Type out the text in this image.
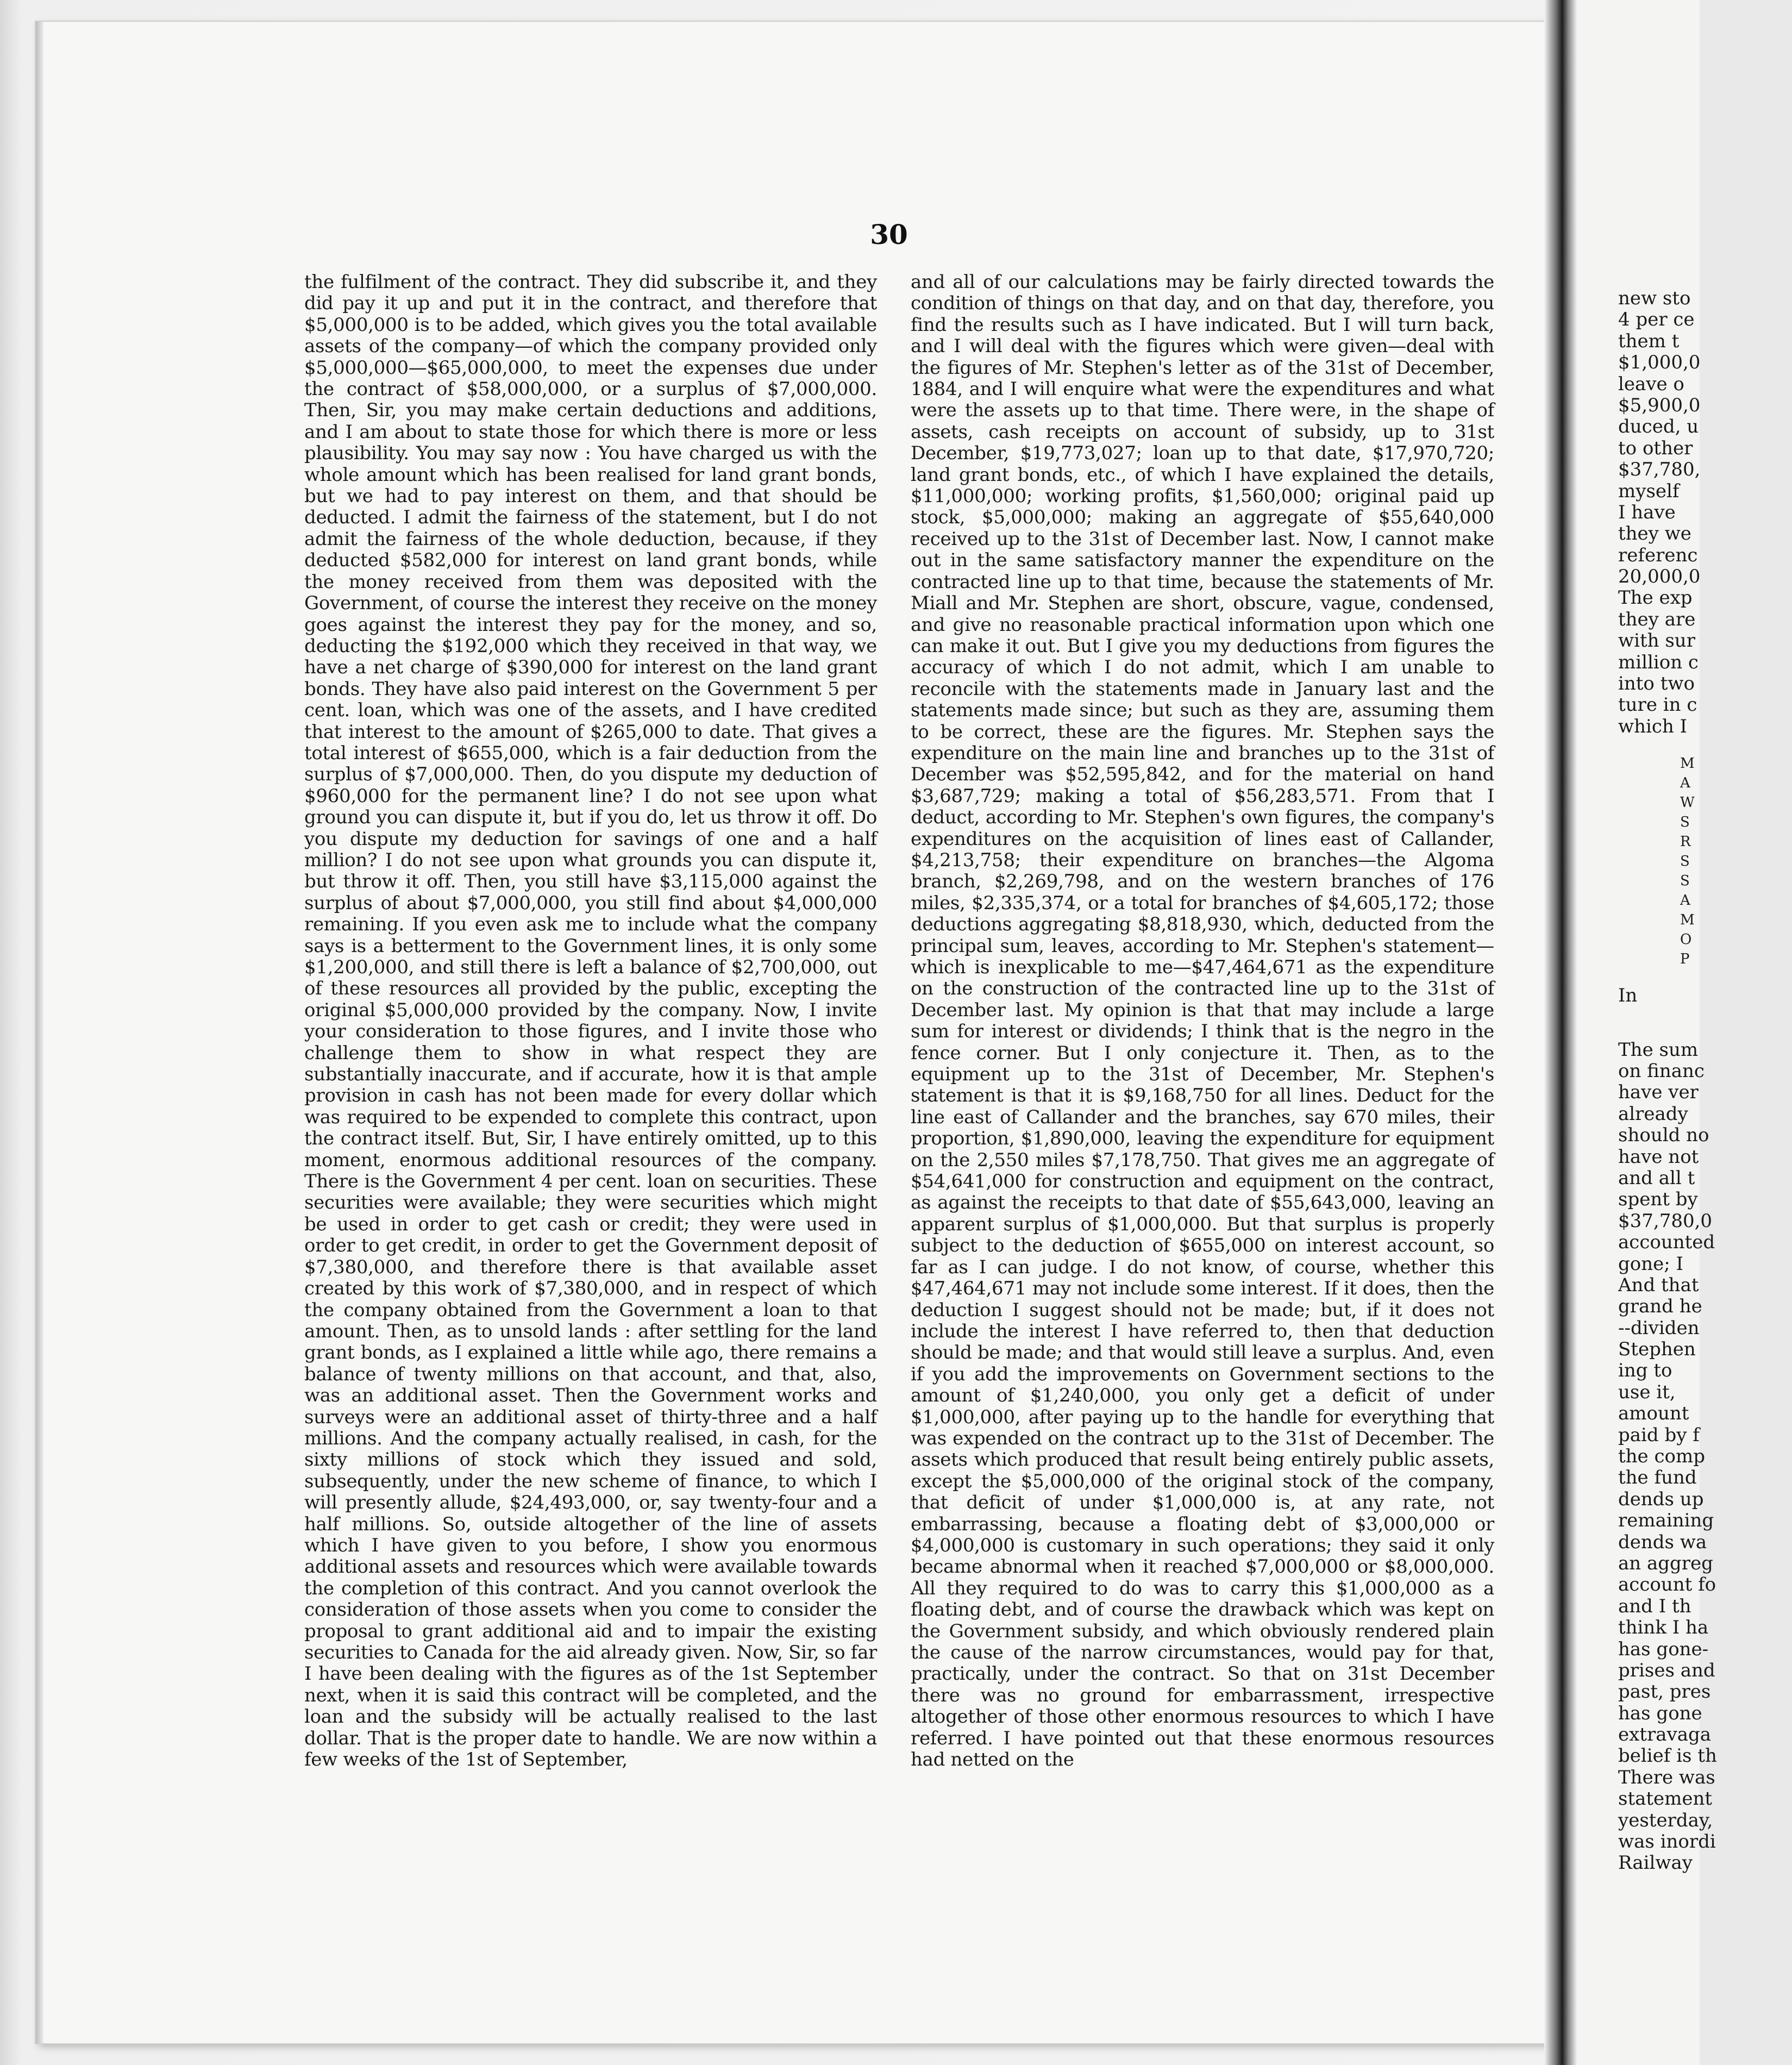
30

the fulfilment of the contract. They did subscribe it, and they did pay it up and put it in the contract, and therefore that $5,000,000 is to be added, which gives you the total available assets of the company—of which the company provided only $5,000,000—$65,000,000, to meet the expenses due under the contract of $58,000,000, or a surplus of $7,000,000. Then, Sir, you may make certain deductions and additions, and I am about to state those for which there is more or less plausibility. You may say now : You have charged us with the whole amount which has been realised for land grant bonds, but we had to pay interest on them, and that should be deducted. I admit the fairness of the statement, but I do not admit the fairness of the whole deduction, because, if they deducted $582,000 for interest on land grant bonds, while the money received from them was deposited with the Government, of course the interest they receive on the money goes against the interest they pay for the money, and so, deducting the $192,000 which they received in that way, we have a net charge of $390,000 for interest on the land grant bonds. They have also paid interest on the Government 5 per cent. loan, which was one of the assets, and I have credited that interest to the amount of $265,000 to date. That gives a total interest of $655,000, which is a fair deduction from the surplus of $7,000,000. Then, do you dispute my deduction of $960,000 for the permanent line? I do not see upon what ground you can dispute it, but if you do, let us throw it off. Do you dispute my deduction for savings of one and a half million? I do not see upon what grounds you can dispute it, but throw it off. Then, you still have $3,115,000 against the surplus of about $7,000,000, you still find about $4,000,000 remaining. If you even ask me to include what the company says is a betterment to the Government lines, it is only some $1,200,000, and still there is left a balance of $2,700,000, out of these resources all provided by the public, excepting the original $5,000,000 provided by the company. Now, I invite your consideration to those figures, and I invite those who challenge them to show in what respect they are substantially inaccurate, and if accurate, how it is that ample provision in cash has not been made for every dollar which was required to be expended to complete this contract, upon the contract itself. But, Sir, I have entirely omitted, up to this moment, enormous additional resources of the company. There is the Government 4 per cent. loan on securities. These securities were available; they were securities which might be used in order to get cash or credit; they were used in order to get credit, in order to get the Government deposit of $7,380,000, and therefore there is that available asset created by this work of $7,380,000, and in respect of which the company obtained from the Government a loan to that amount. Then, as to unsold lands : after settling for the land grant bonds, as I explained a little while ago, there remains a balance of twenty millions on that account, and that, also, was an additional asset. Then the Government works and surveys were an additional asset of thirty-three and a half millions. And the company actually realised, in cash, for the sixty millions of stock which they issued and sold, subsequently, under the new scheme of finance, to which I will presently allude, $24,493,000, or, say twenty-four and a half millions. So, outside altogether of the line of assets which I have given to you before, I show you enormous additional assets and resources which were available towards the completion of this contract. And you cannot overlook the consideration of those assets when you come to consider the proposal to grant additional aid and to impair the existing securities to Canada for the aid already given. Now, Sir, so far I have been dealing with the figures as of the 1st September next, when it is said this contract will be completed, and the loan and the subsidy will be actually realised to the last dollar. That is the proper date to handle. We are now within a few weeks of the 1st of September,

and all of our calculations may be fairly directed towards the condition of things on that day, and on that day, therefore, you find the results such as I have indicated. But I will turn back, and I will deal with the figures which were given—deal with the figures of Mr. Stephen's letter as of the 31st of December, 1884, and I will enquire what were the expenditures and what were the assets up to that time. There were, in the shape of assets, cash receipts on account of subsidy, up to 31st December, $19,773,027; loan up to that date, $17,970,720; land grant bonds, etc., of which I have explained the details, $11,000,000; working profits, $1,560,000; original paid up stock, $5,000,000; making an aggregate of $55,640,000 received up to the 31st of December last. Now, I cannot make out in the same satisfactory manner the expenditure on the contracted line up to that time, because the statements of Mr. Miall and Mr. Stephen are short, obscure, vague, condensed, and give no reasonable practical information upon which one can make it out. But I give you my deductions from figures the accuracy of which I do not admit, which I am unable to reconcile with the statements made in January last and the statements made since; but such as they are, assuming them to be correct, these are the figures. Mr. Stephen says the expenditure on the main line and branches up to the 31st of December was $52,595,842, and for the material on hand $3,687,729; making a total of $56,283,571. From that I deduct, according to Mr. Stephen's own figures, the company's expenditures on the acquisition of lines east of Callander, $4,213,758; their expenditure on branches—the Algoma branch, $2,269,798, and on the western branches of 176 miles, $2,335,374, or a total for branches of $4,605,172; those deductions aggregating $8,818,930, which, deducted from the principal sum, leaves, according to Mr. Stephen's statement—which is inexplicable to me—$47,464,671 as the expenditure on the construction of the contracted line up to the 31st of December last. My opinion is that that may include a large sum for interest or dividends; I think that is the negro in the fence corner. But I only conjecture it. Then, as to the equipment up to the 31st of December, Mr. Stephen's statement is that it is $9,168,750 for all lines. Deduct for the line east of Callander and the branches, say 670 miles, their proportion, $1,890,000, leaving the expenditure for equipment on the 2,550 miles $7,178,750. That gives me an aggregate of $54,641,000 for construction and equipment on the contract, as against the receipts to that date of $55,643,000, leaving an apparent surplus of $1,000,000. But that surplus is properly subject to the deduction of $655,000 on interest account, so far as I can judge. I do not know, of course, whether this $47,464,671 may not include some interest. If it does, then the deduction I suggest should not be made; but, if it does not include the interest I have referred to, then that deduction should be made; and that would still leave a surplus. And, even if you add the improvements on Government sections to the amount of $1,240,000, you only get a deficit of under $1,000,000, after paying up to the handle for everything that was expended on the contract up to the 31st of December. The assets which produced that result being entirely public assets, except the $5,000,000 of the original stock of the company, that deficit of under $1,000,000 is, at any rate, not embarrassing, because a floating debt of $3,000,000 or $4,000,000 is customary in such operations; they said it only became abnormal when it reached $7,000,000 or $8,000,000. All they required to do was to carry this $1,000,000 as a floating debt, and of course the drawback which was kept on the Government subsidy, and which obviously rendered plain the cause of the narrow circumstances, would pay for that, practically, under the contract. So that on 31st December there was no ground for embarrassment, irrespective altogether of those other enormous resources to which I have referred. I have pointed out that these enormous resources had netted on the

new sto
4 per ce
them t
$1,000,0
leave o
$5,900,0
duced, u
to other
$37,780,
myself
I have
they we
referenc
20,000,0
The exp
they are
with sur
million c
into two
ture in c
which I
M
A
W
S
R
S
S
A
M
O
P
In
The sum
on financ
have ver
already
should no
have not
and all t
spent by
$37,780,0
accounted
gone; I
And that
grand he
--dividen
Stephen
ing to
use it,
amount
paid by f
the comp
the fund
dends up
remaining
dends wa
an aggreg
account fo
and I th
think I ha
has gone-
prises and
past, pres
has gone
extravaga
belief is th
There was
statement
yesterday,
was inordi
Railway
